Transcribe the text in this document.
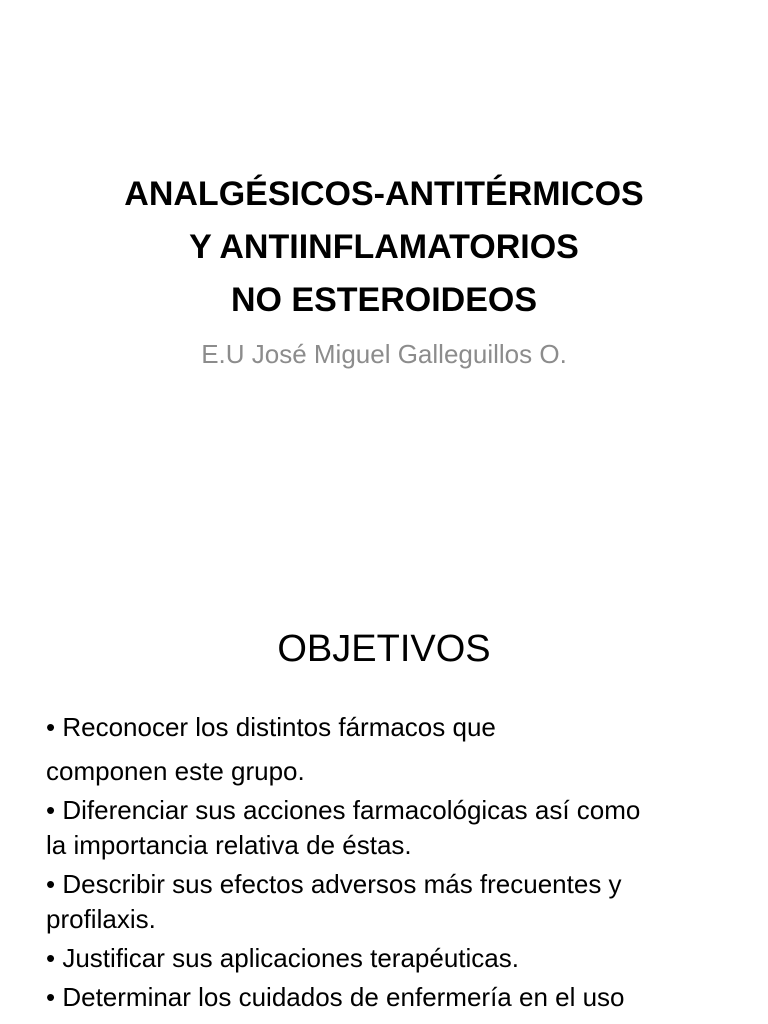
ANALGÉSICOS-ANTITÉRMICOS
Y ANTIINFLAMATORIOS
NO ESTEROIDEOS
E.U José Miguel Galleguillos O.
OBJETIVOS
• Reconocer los distintos fármacos que
componen este grupo.
• Diferenciar sus acciones farmacológicas así como
la importancia relativa de éstas.
• Describir sus efectos adversos más frecuentes y
profilaxis.
• Justificar sus aplicaciones terapéuticas.
• Determinar los cuidados de enfermería en el uso
